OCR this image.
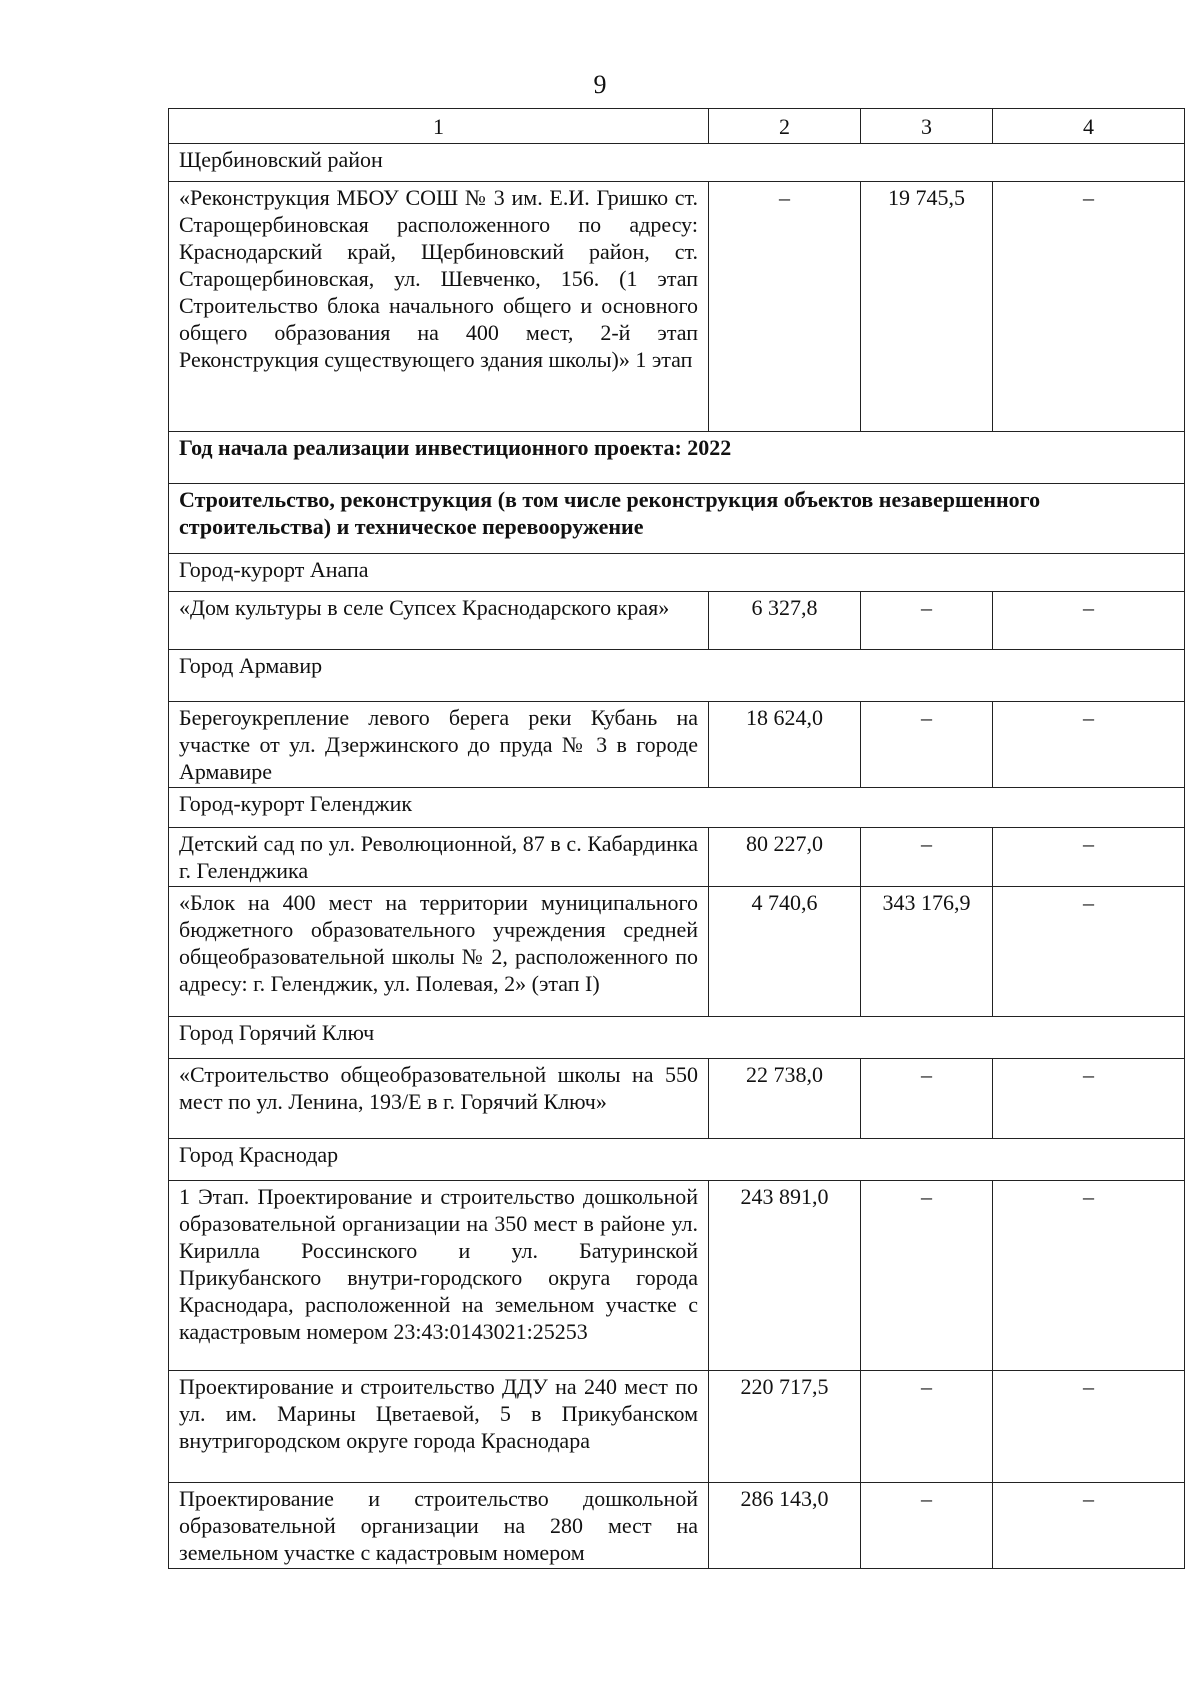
9
1	2	3	4
Щербиновский район			
«Реконструкция МБОУ СОШ № 3 им. Е.И. Гришко ст. Старощербиновская расположенного по адресу: Краснодарский край, Щербиновский район, ст. Старощербиновская, ул. Шевченко, 156. (1 этап Строительство блока начального общего и основного общего образования на 400 мест, 2-й этап Реконструкция существующего здания школы)» 1 этап	–	19 745,5	–
Год начала реализации инвестиционного проекта: 2022			
Строительство, реконструкция (в том числе реконструкция объектов незавершенного строительства) и техническое перевооружение			
Город-курорт Анапа			
«Дом культуры в селе Супсех Краснодарского края»	6 327,8	–	–
Город Армавир			
Берегоукрепление левого берега реки Кубань на участке от ул. Дзержинского до пруда № 3 в городе Армавире	18 624,0	–	–
Город-курорт Геленджик			
Детский сад по ул. Революционной, 87 в с. Кабардинка г. Геленджика	80 227,0	–	–
«Блок на 400 мест на территории муниципального бюджетного образовательного учреждения средней общеобразовательной школы № 2, расположенного по адресу: г. Геленджик, ул. Полевая, 2» (этап I)	4 740,6	343 176,9	–
Город Горячий Ключ			
«Строительство общеобразовательной школы на 550 мест по ул. Ленина, 193/Е в г. Горячий Ключ»	22 738,0	–	–
Город Краснодар			
1 Этап. Проектирование и строительство дошкольной образовательной организации на 350 мест в районе ул. Кирилла Россинского и ул. Батуринской Прикубанского внутри-городского округа города Краснодара, расположенной на земельном участке с кадастровым номером 23:43:0143021:25253	243 891,0	–	–
Проектирование и строительство ДДУ на 240 мест по ул. им. Марины Цветаевой, 5 в Прикубанском внутригородском округе города Краснодара	220 717,5	–	–
Проектирование и строительство дошкольной образовательной организации на 280 мест на земельном участке с кадастровым номером	286 143,0	–	–
